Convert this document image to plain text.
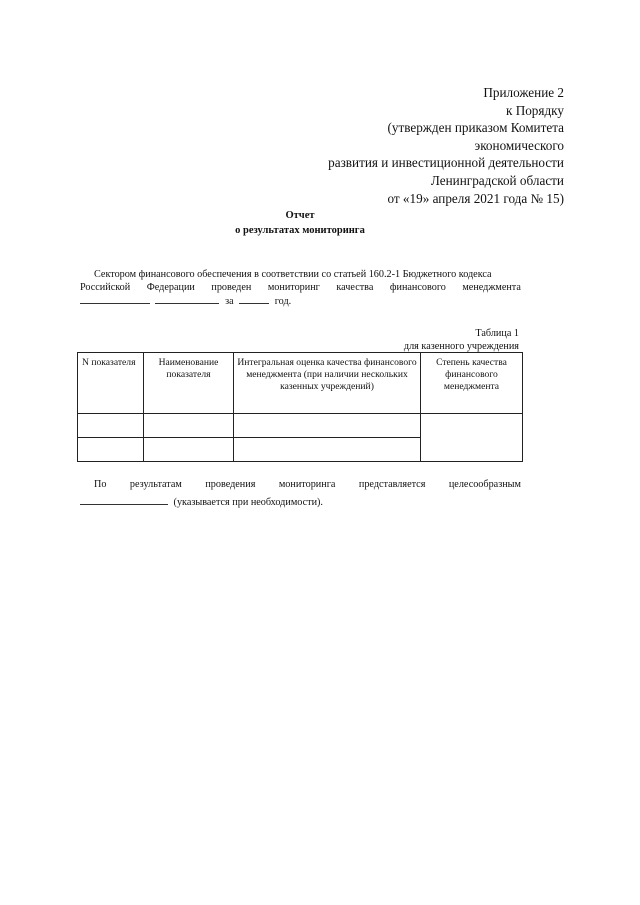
Приложение 2
к Порядку
(утвержден приказом Комитета
экономического
развития и инвестиционной деятельности
Ленинградской области
от «19» апреля 2021 года № 15)
Отчет
о результатах мониторинга
Сектором финансового обеспечения в соответствии со статьей 160.2-1 Бюджетного кодекса
Российской Федерации проведен мониторинг качества финансового менеджмента
за	год.
Таблица 1
для казенного учреждения
N показателя	Наименование показателя	Интегральная оценка качества финансового менеджмента (при наличии нескольких казенных учреждений)	Степень качества финансового менеджмента

По результатам проведения мониторинга представляется целесообразным
(указывается при необходимости).
